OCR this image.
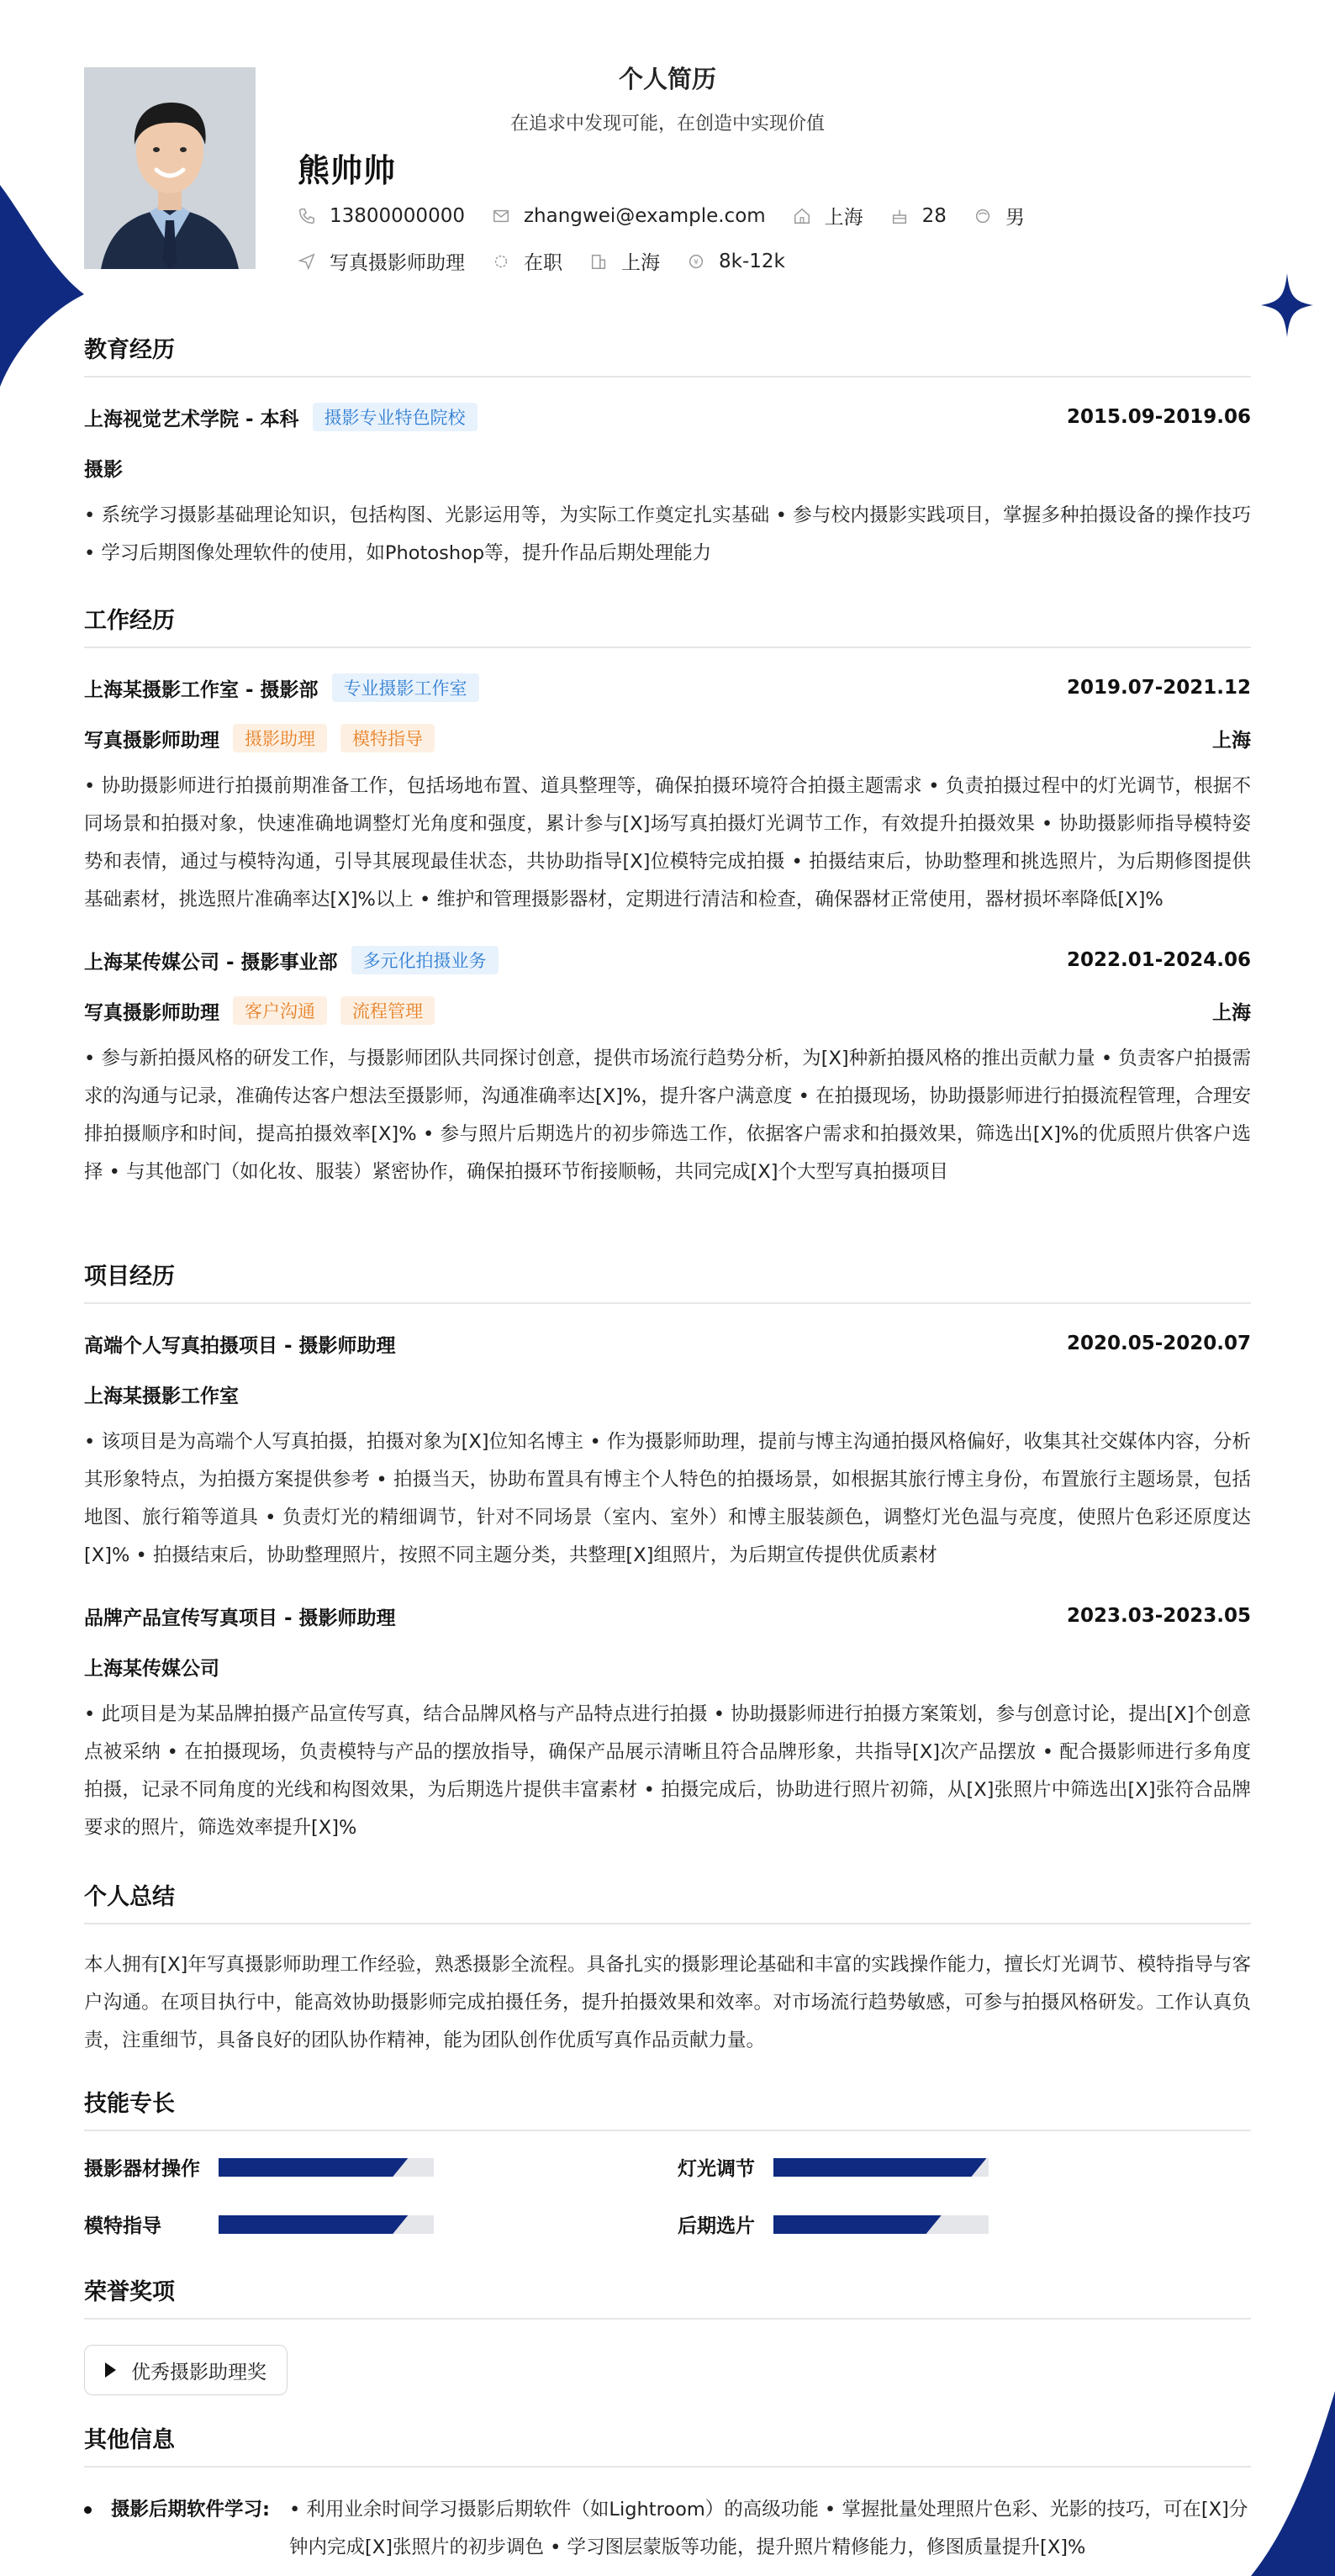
个人简历
在追求中发现可能，在创造中实现价值
熊帅帅
13800000000	zhangwei@example.com	上海	28	男
写真摄影师助理	在职	上海	¥ 8k-12k
教育经历
上海视觉艺术学院 - 本科	摄影专业特色院校	2015.09-2019.06
摄影
• 系统学习摄影基础理论知识，包括构图、光影运用等，为实际工作奠定扎实基础 • 参与校内摄影实践项目，掌握多种拍摄设备的操作技巧 • 学习后期图像处理软件的使用，如Photoshop等，提升作品后期处理能力
工作经历
上海某摄影工作室 - 摄影部	专业摄影工作室	2019.07-2021.12
写真摄影师助理	摄影助理	模特指导	上海
• 协助摄影师进行拍摄前期准备工作，包括场地布置、道具整理等，确保拍摄环境符合拍摄主题需求 • 负责拍摄过程中的灯光调节，根据不同场景和拍摄对象，快速准确地调整灯光角度和强度，累计参与[X]场写真拍摄灯光调节工作，有效提升拍摄效果 • 协助摄影师指导模特姿势和表情，通过与模特沟通，引导其展现最佳状态，共协助指导[X]位模特完成拍摄 • 拍摄结束后，协助整理和挑选照片，为后期修图提供基础素材，挑选照片准确率达[X]%以上 • 维护和管理摄影器材，定期进行清洁和检查，确保器材正常使用，器材损坏率降低[X]%
上海某传媒公司 - 摄影事业部	多元化拍摄业务	2022.01-2024.06
写真摄影师助理	客户沟通	流程管理	上海
• 参与新拍摄风格的研发工作，与摄影师团队共同探讨创意，提供市场流行趋势分析，为[X]种新拍摄风格的推出贡献力量 • 负责客户拍摄需求的沟通与记录，准确传达客户想法至摄影师，沟通准确率达[X]%，提升客户满意度 • 在拍摄现场，协助摄影师进行拍摄流程管理，合理安排拍摄顺序和时间，提高拍摄效率[X]% • 参与照片后期选片的初步筛选工作，依据客户需求和拍摄效果，筛选出[X]%的优质照片供客户选择 • 与其他部门（如化妆、服装）紧密协作，确保拍摄环节衔接顺畅，共同完成[X]个大型写真拍摄项目
项目经历
高端个人写真拍摄项目 - 摄影师助理	2020.05-2020.07
上海某摄影工作室
• 该项目是为高端个人写真拍摄，拍摄对象为[X]位知名博主 • 作为摄影师助理，提前与博主沟通拍摄风格偏好，收集其社交媒体内容，分析其形象特点，为拍摄方案提供参考 • 拍摄当天，协助布置具有博主个人特色的拍摄场景，如根据其旅行博主身份，布置旅行主题场景，包括地图、旅行箱等道具 • 负责灯光的精细调节，针对不同场景（室内、室外）和博主服装颜色，调整灯光色温与亮度，使照片色彩还原度达[X]% • 拍摄结束后，协助整理照片，按照不同主题分类，共整理[X]组照片，为后期宣传提供优质素材
品牌产品宣传写真项目 - 摄影师助理	2023.03-2023.05
上海某传媒公司
• 此项目是为某品牌拍摄产品宣传写真，结合品牌风格与产品特点进行拍摄 • 协助摄影师进行拍摄方案策划，参与创意讨论，提出[X]个创意点被采纳 • 在拍摄现场，负责模特与产品的摆放指导，确保产品展示清晰且符合品牌形象，共指导[X]次产品摆放 • 配合摄影师进行多角度拍摄，记录不同角度的光线和构图效果，为后期选片提供丰富素材 • 拍摄完成后，协助进行照片初筛，从[X]张照片中筛选出[X]张符合品牌要求的照片，筛选效率提升[X]%
个人总结
本人拥有[X]年写真摄影师助理工作经验，熟悉摄影全流程。具备扎实的摄影理论基础和丰富的实践操作能力，擅长灯光调节、模特指导与客户沟通。在项目执行中，能高效协助摄影师完成拍摄任务，提升拍摄效果和效率。对市场流行趋势敏感，可参与拍摄风格研发。工作认真负责，注重细节，具备良好的团队协作精神，能为团队创作优质写真作品贡献力量。
技能专长
摄影器材操作	灯光调节
模特指导	后期选片
荣誉奖项
优秀摄影助理奖
其他信息
摄影后期软件学习: • 利用业余时间学习摄影后期软件（如Lightroom）的高级功能 • 掌握批量处理照片色彩、光影的技巧，可在[X]分钟内完成[X]张照片的初步调色 • 学习图层蒙版等功能，提升照片精修能力，修图质量提升[X]%
